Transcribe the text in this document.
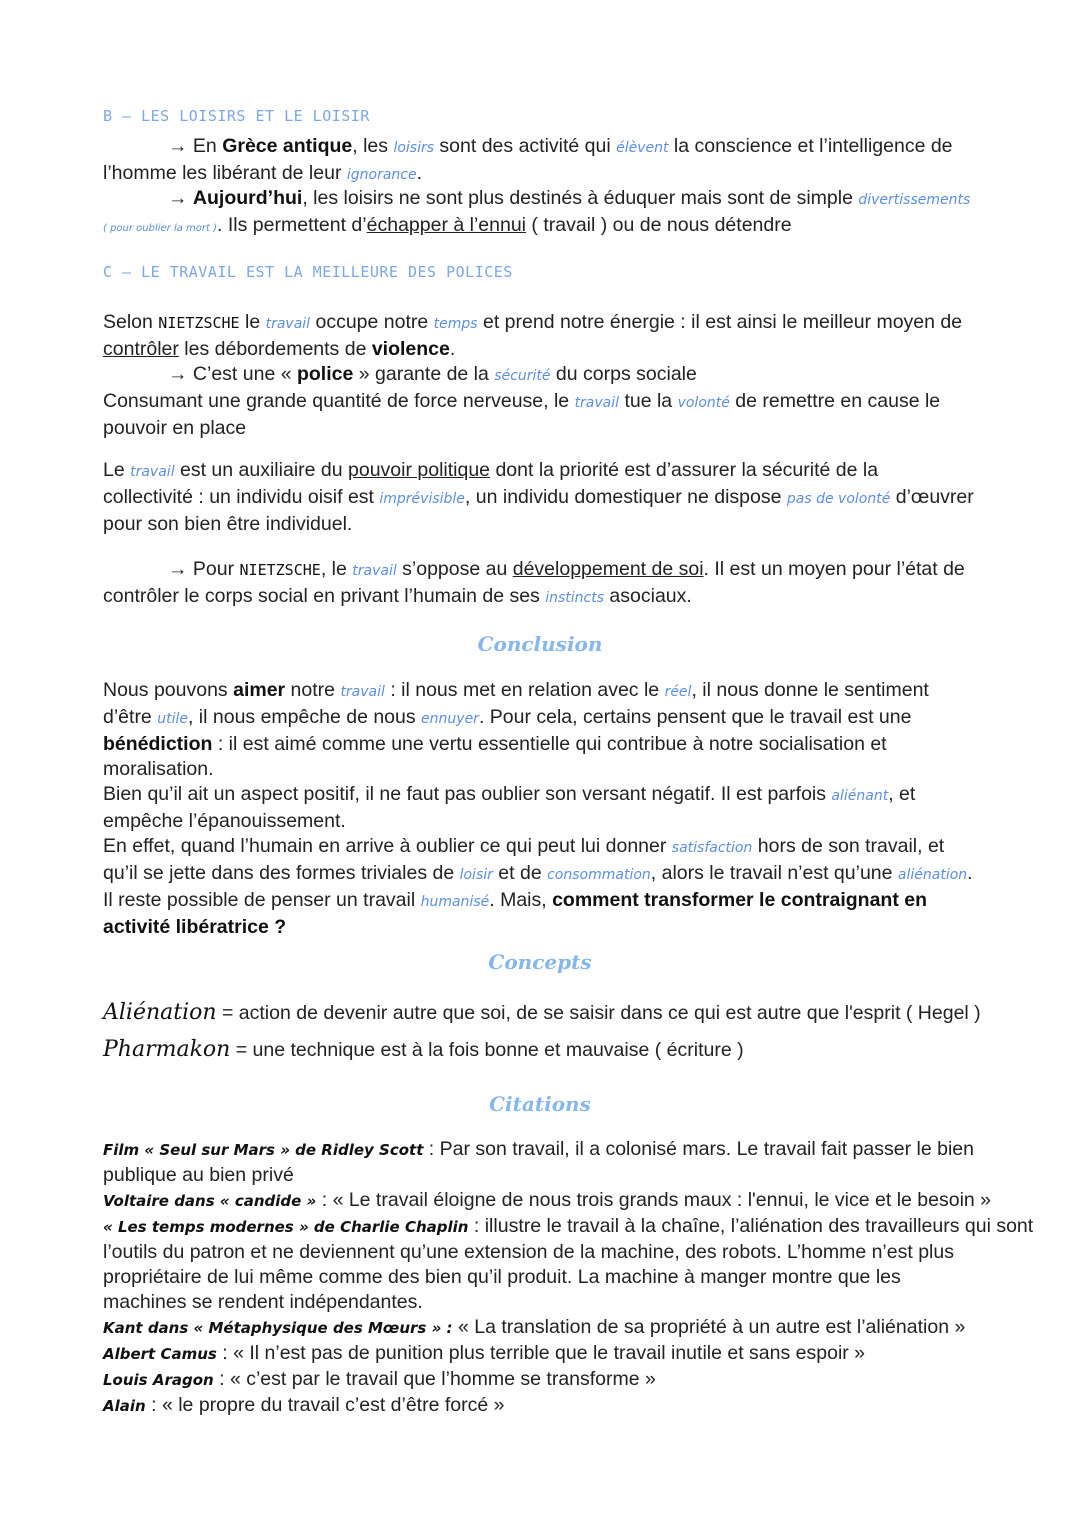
B – LES LOISIRS ET LE LOISIR
→ En Grèce antique, les loisirs sont des activité qui élèvent la conscience et l’intelligence de
l’homme les libérant de leur ignorance.
→ Aujourd’hui, les loisirs ne sont plus destinés à éduquer mais sont de simple divertissements
( pour oublier la mort ). Ils permettent d’échapper à l’ennui ( travail ) ou de nous détendre
C – LE TRAVAIL EST LA MEILLEURE DES POLICES
Selon NIETZSCHE le travail occupe notre temps et prend notre énergie : il est ainsi le meilleur moyen de
contrôler les débordements de violence.
→ C’est une « police » garante de la sécurité du corps sociale
Consumant une grande quantité de force nerveuse, le travail tue la volonté de remettre en cause le
pouvoir en place
Le travail est un auxiliaire du pouvoir politique dont la priorité est d’assurer la sécurité de la
collectivité : un individu oisif est imprévisible, un individu domestiquer ne dispose pas de volonté d’œuvrer
pour son bien être individuel.
→ Pour NIETZSCHE, le travail s’oppose au développement de soi. Il est un moyen pour l’état de
contrôler le corps social en privant l’humain de ses instincts asociaux.
Conclusion
Nous pouvons aimer notre travail : il nous met en relation avec le réel, il nous donne le sentiment
d’être utile, il nous empêche de nous ennuyer. Pour cela, certains pensent que le travail est une
bénédiction : il est aimé comme une vertu essentielle qui contribue à notre socialisation et
moralisation.
Bien qu’il ait un aspect positif, il ne faut pas oublier son versant négatif. Il est parfois aliénant, et
empêche l’épanouissement.
En effet, quand l’humain en arrive à oublier ce qui peut lui donner satisfaction hors de son travail, et
qu’il se jette dans des formes triviales de loisir et de consommation, alors le travail n’est qu’une aliénation.
Il reste possible de penser un travail humanisé. Mais, comment transformer le contraignant en
activité libératrice ?
Concepts
Aliénation = action de devenir autre que soi, de se saisir dans ce qui est autre que l'esprit ( Hegel )
Pharmakon = une technique est à la fois bonne et mauvaise ( écriture )
Citations
Film « Seul sur Mars » de Ridley Scott : Par son travail, il a colonisé mars. Le travail fait passer le bien
publique au bien privé
Voltaire dans « candide » : « Le travail éloigne de nous trois grands maux : l'ennui, le vice et le besoin »
« Les temps modernes » de Charlie Chaplin : illustre le travail à la chaîne, l’aliénation des travailleurs qui sont
l’outils du patron et ne deviennent qu’une extension de la machine, des robots. L’homme n’est plus
propriétaire de lui même comme des bien qu’il produit. La machine à manger montre que les
machines se rendent indépendantes.
Kant dans « Métaphysique des Mœurs » : « La translation de sa propriété à un autre est l’aliénation »
Albert Camus : « Il n’est pas de punition plus terrible que le travail inutile et sans espoir »
Louis Aragon : « c’est par le travail que l’homme se transforme »
Alain : « le propre du travail c’est d’être forcé »
